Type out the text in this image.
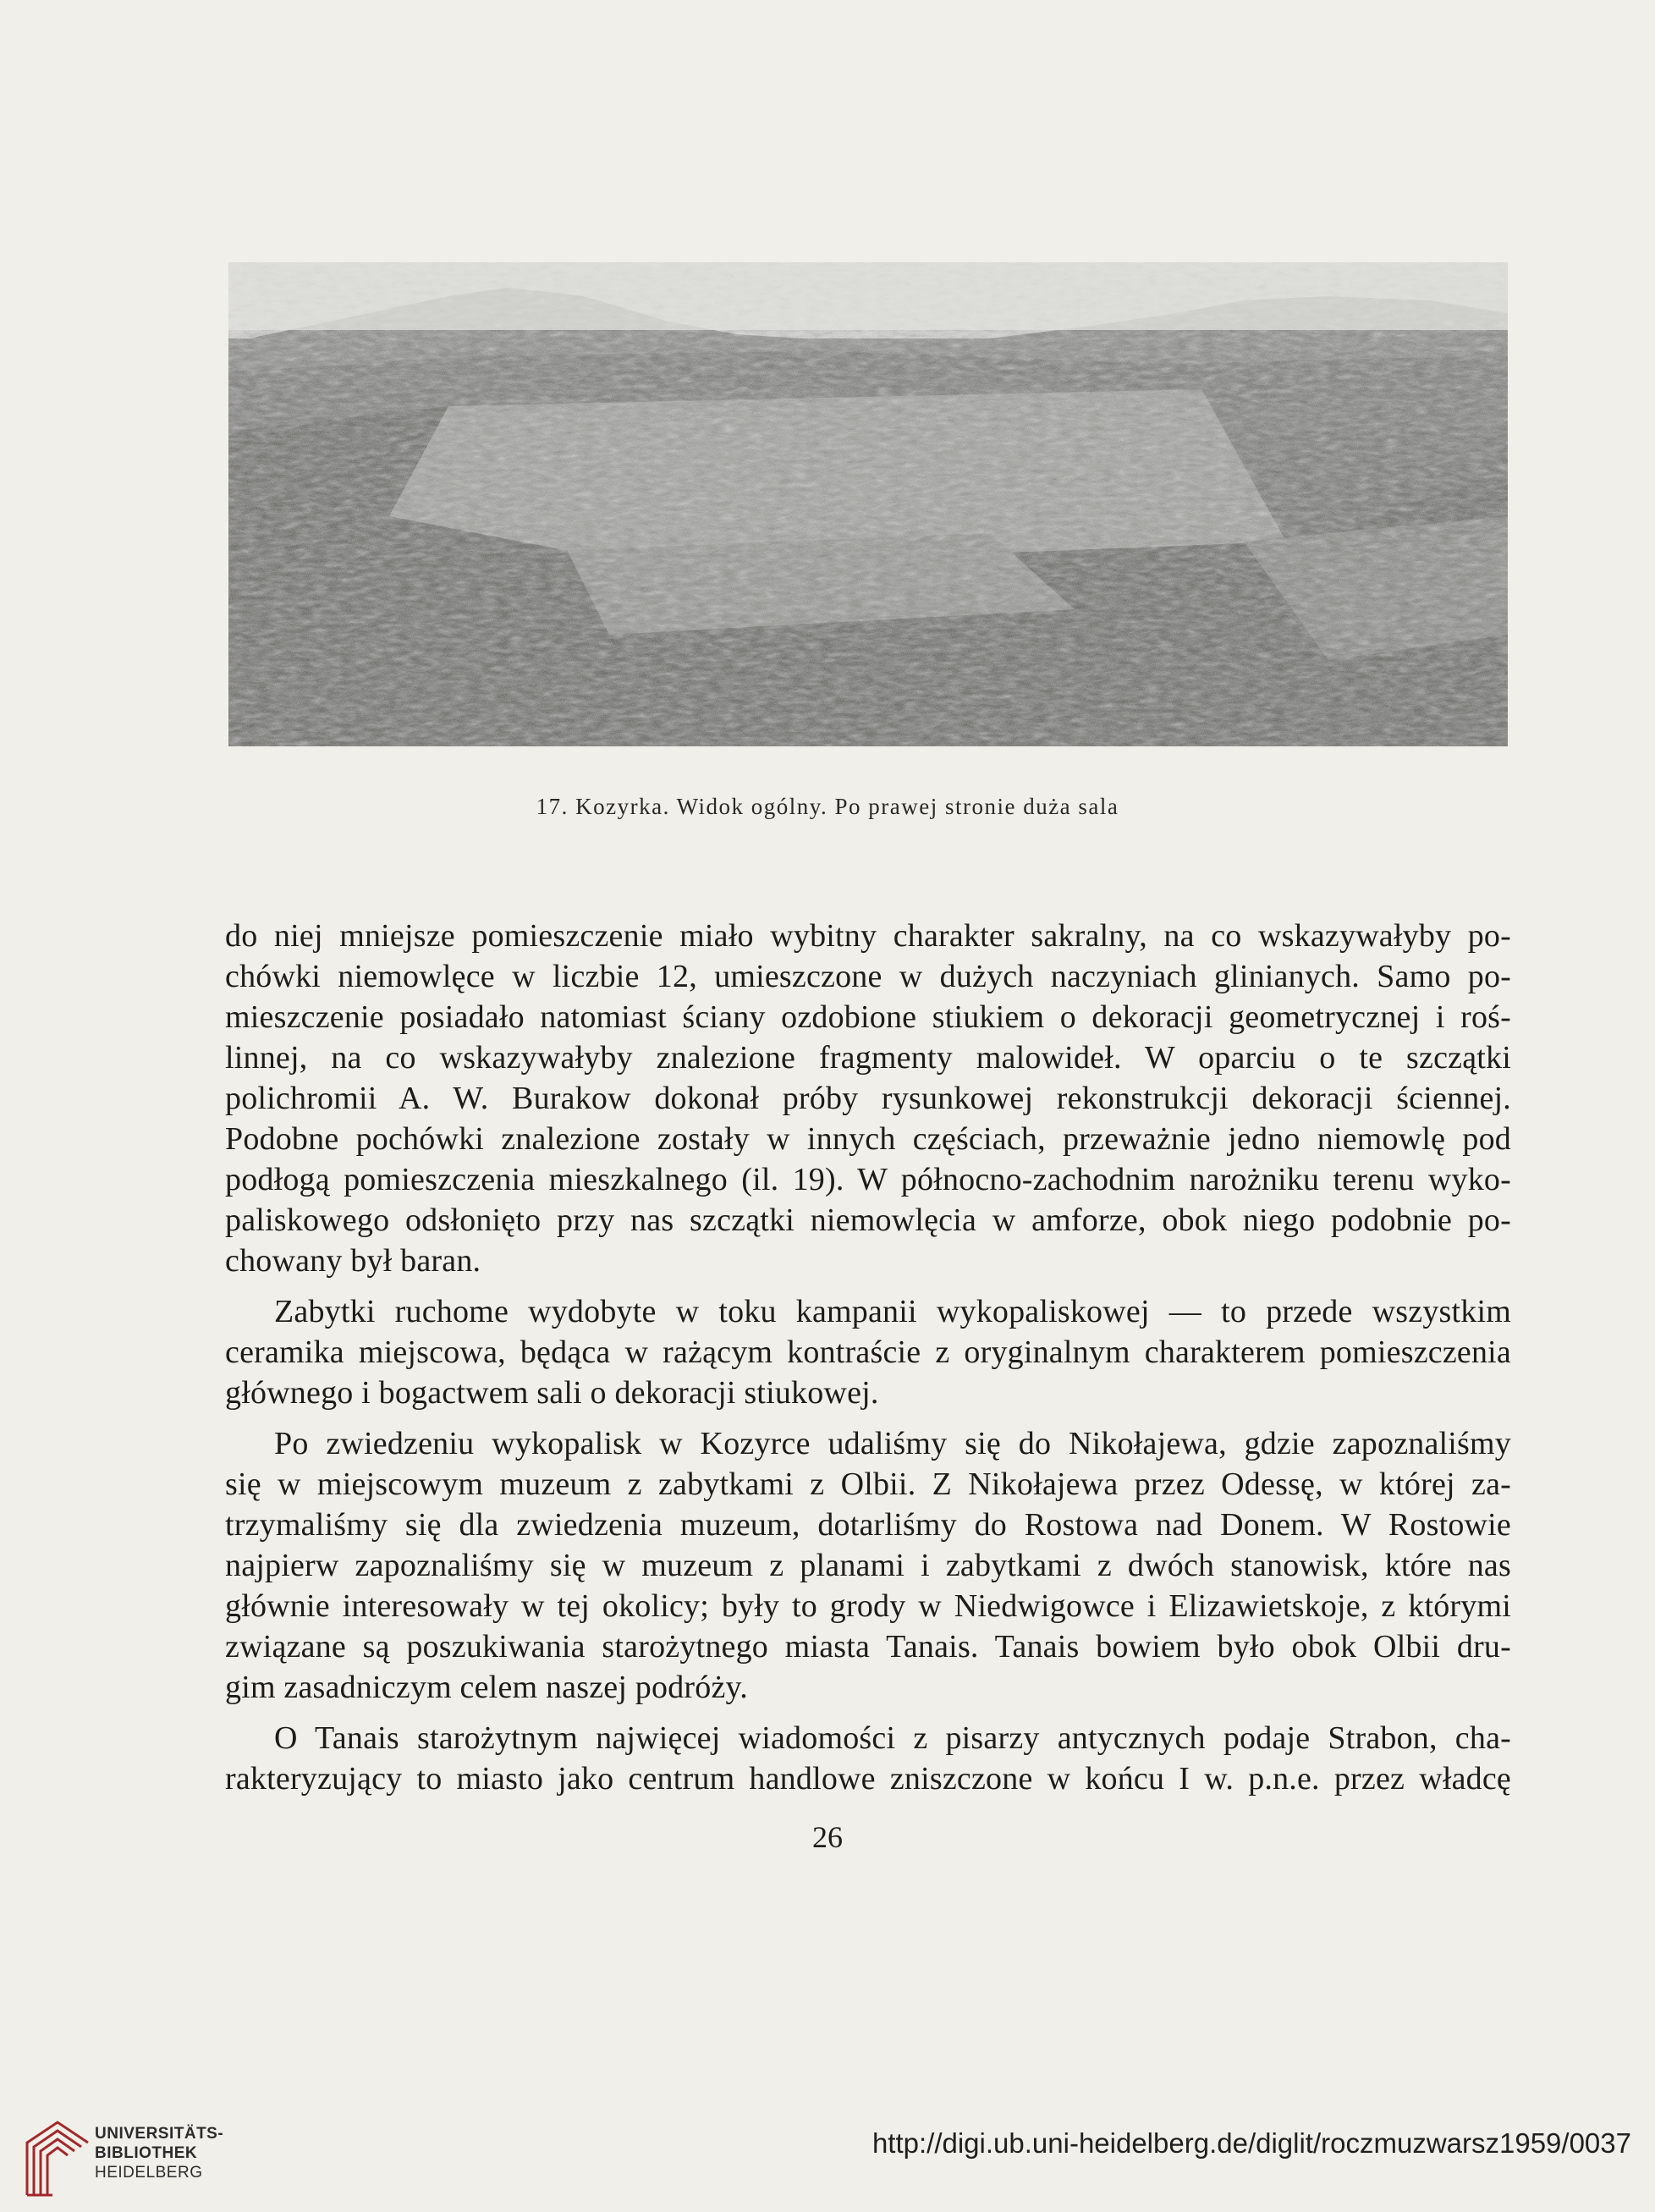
17. Kozyrka. Widok ogólny. Po prawej stronie duża sala

do niej mniejsze pomieszczenie miało wybitny charakter sakralny, na co wskazywałyby po-

chówki niemowlęce w liczbie 12, umieszczone w dużych naczyniach glinianych. Samo po-

mieszczenie posiadało natomiast ściany ozdobione stiukiem o dekoracji geometrycznej i roś-

linnej, na co wskazywałyby znalezione fragmenty malowideł. W oparciu o te szczątki

polichromii A. W. Burakow dokonał próby rysunkowej rekonstrukcji dekoracji ściennej.

Podobne pochówki znalezione zostały w innych częściach, przeważnie jedno niemowlę pod

podłogą pomieszczenia mieszkalnego (il. 19). W północno-zachodnim narożniku terenu wyko-

paliskowego odsłonięto przy nas szczątki niemowlęcia w amforze, obok niego podobnie po-

chowany był baran.

Zabytki ruchome wydobyte w toku kampanii wykopaliskowej — to przede wszystkim

ceramika miejscowa, będąca w rażącym kontraście z oryginalnym charakterem pomieszczenia

głównego i bogactwem sali o dekoracji stiukowej.

Po zwiedzeniu wykopalisk w Kozyrce udaliśmy się do Nikołajewa, gdzie zapoznaliśmy

się w miejscowym muzeum z zabytkami z Olbii. Z Nikołajewa przez Odessę, w której za-

trzymaliśmy się dla zwiedzenia muzeum, dotarliśmy do Rostowa nad Donem. W Rostowie

najpierw zapoznaliśmy się w muzeum z planami i zabytkami z dwóch stanowisk, które nas

głównie interesowały w tej okolicy; były to grody w Niedwigowce i Elizawietskoje, z którymi

związane są poszukiwania starożytnego miasta Tanais. Tanais bowiem było obok Olbii dru-

gim zasadniczym celem naszej podróży.

O Tanais starożytnym najwięcej wiadomości z pisarzy antycznych podaje Strabon, cha-

rakteryzujący to miasto jako centrum handlowe zniszczone w końcu I w. p.n.e. przez władcę

26
UNIVERSITÄTS-
BIBLIOTHEK
HEIDELBERG
http://digi.ub.uni-heidelberg.de/diglit/roczmuzwarsz1959/0037
